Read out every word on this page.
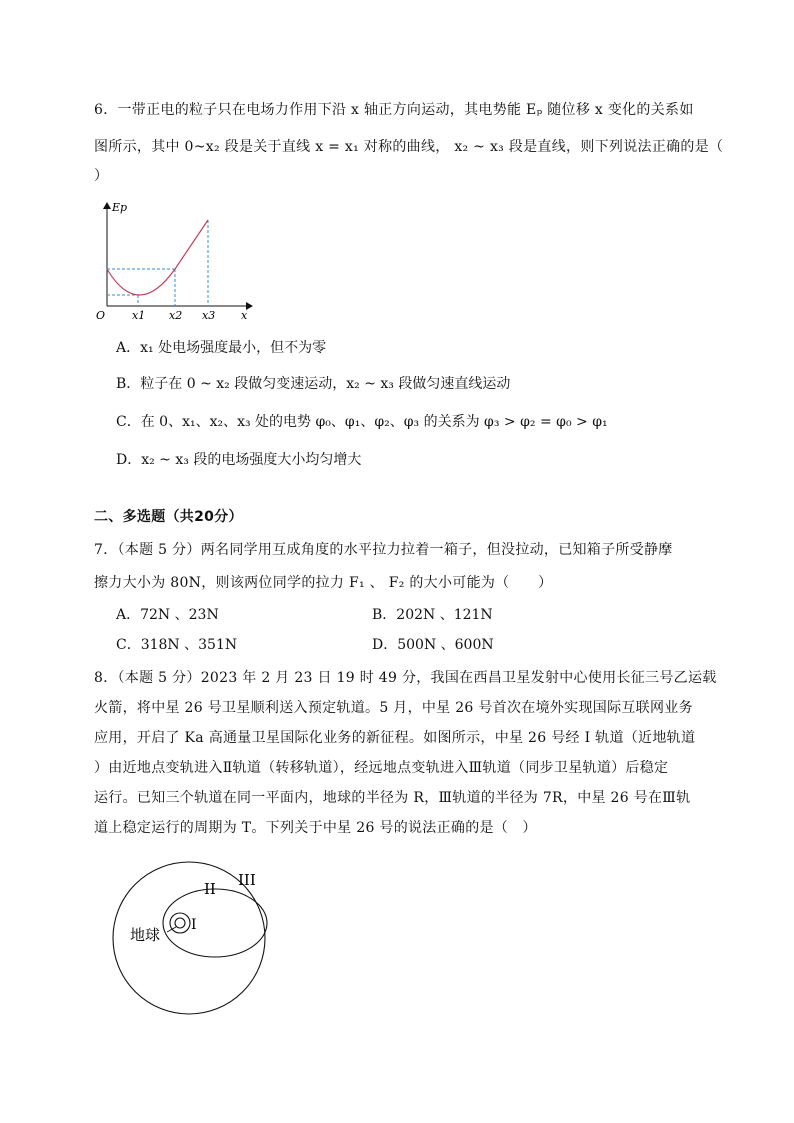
6．一带正电的粒子只在电场力作用下沿 x 轴正方向运动，其电势能 Eₚ 随位移 x 变化的关系如
图所示，其中 0~x₂ 段是关于直线 x = x₁ 对称的曲线， x₂ ~ x₃ 段是直线，则下列说法正确的是（
）
Ep
O	x
x1 x2 x3
A．x₁ 处电场强度最小，但不为零
B．粒子在 0 ~ x₂ 段做匀变速运动，x₂ ~ x₃ 段做匀速直线运动
C．在 0、x₁、x₂、x₃ 处的电势 φ₀、φ₁、φ₂、φ₃ 的关系为 φ₃ > φ₂ = φ₀ > φ₁
D．x₂ ~ x₃ 段的电场强度大小均匀增大
二、多选题（共20分）
7．（本题 5 分）两名同学用互成角度的水平拉力拉着一箱子，但没拉动，已知箱子所受静摩
擦力大小为 80N，则该两位同学的拉力 F₁ 、 F₂ 的大小可能为（　　）
A．72N 、23N	B．202N 、121N
C．318N 、351N	D．500N 、600N
8．（本题 5 分）2023 年 2 月 23 日 19 时 49 分，我国在西昌卫星发射中心使用长征三号乙运载
火箭，将中星 26 号卫星顺利送入预定轨道。5 月，中星 26 号首次在境外实现国际互联网业务
应用，开启了 Ka 高通量卫星国际化业务的新征程。如图所示，中星 26 号经 Ⅰ 轨道（近地轨道
）由近地点变轨进入Ⅱ轨道（转移轨道），经远地点变轨进入Ⅲ轨道（同步卫星轨道）后稳定
运行。已知三个轨道在同一平面内，地球的半径为 R，Ⅲ轨道的半径为 7R，中星 26 号在Ⅲ轨
道上稳定运行的周期为 T。下列关于中星 26 号的说法正确的是（　）
地球
I
II III
